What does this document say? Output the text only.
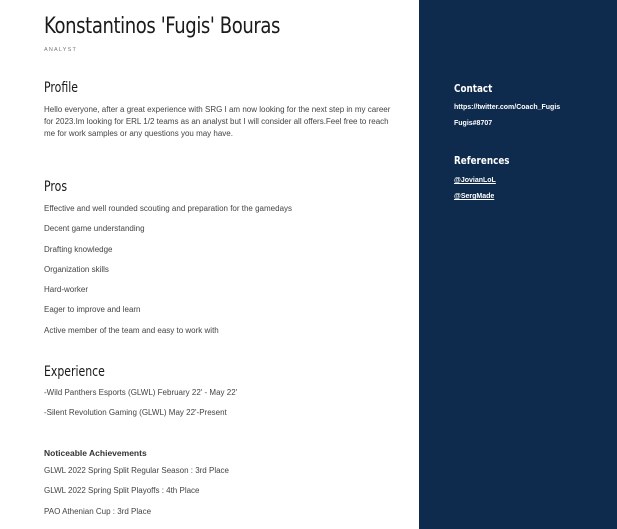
Konstantinos 'Fugis' Bouras
ANALYST
Profile
Hello everyone, after a great experience with SRG I am now looking for the next step in my career for 2023.Im looking for ERL 1/2 teams as an analyst but I will consider all offers.Feel free to reach me for work samples or any questions you may have.
Pros
Effective and well rounded scouting and preparation for the gamedays
Decent game understanding
Drafting knowledge
Organization skills
Hard-worker
Eager to improve and learn
Active member of the team and easy to work with
Experience
-Wild Panthers Esports (GLWL) February 22' - May 22'
-Silent Revolution Gaming (GLWL) May 22'-Present
Noticeable Achievements
GLWL 2022 Spring Split Regular Season : 3rd Place
GLWL 2022 Spring Split Playoffs : 4th Place
PAO Athenian Cup : 3rd Place
Contact
https://twitter.com/Coach_Fugis
Fugis#8707
References
@JovianLoL
@SergMade
